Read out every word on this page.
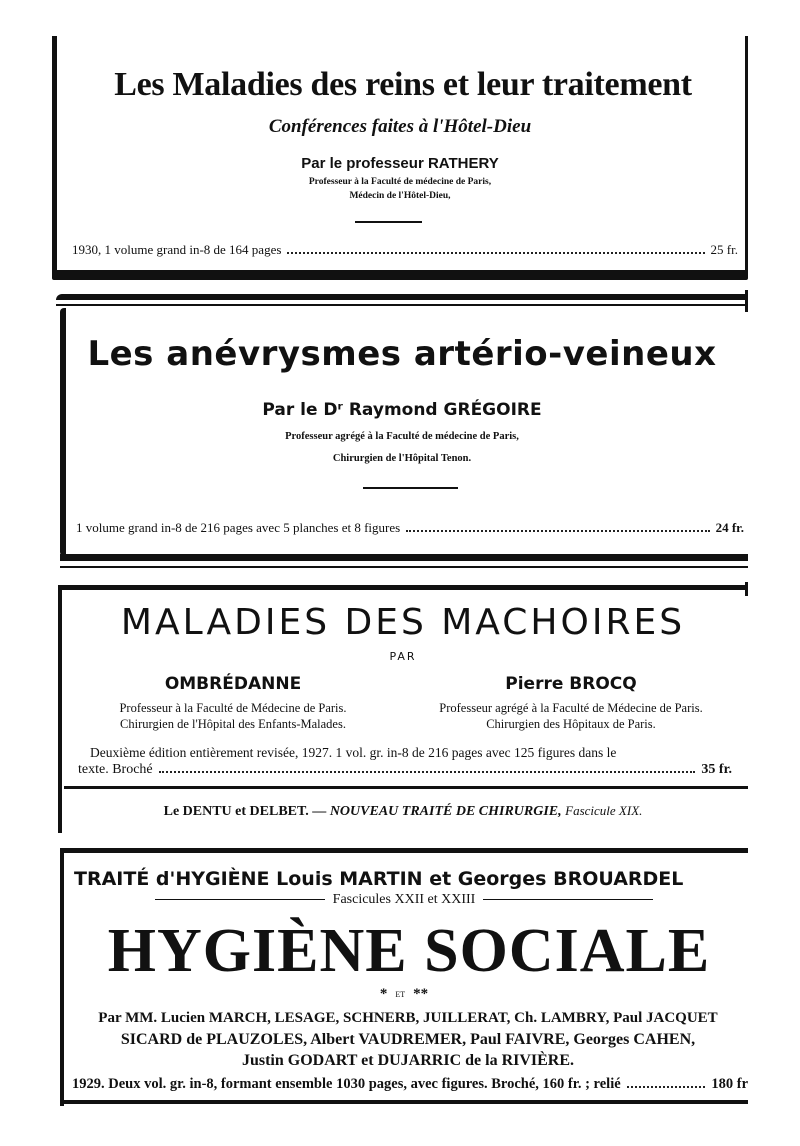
Les Maladies des reins et leur traitement
Conférences faites à l'Hôtel-Dieu
Par le professeur RATHERY
Professeur à la Faculté de médecine de Paris,
Médecin de l'Hôtel-Dieu,
1930, 1 volume grand in-8 de 164 pages	25 fr.
Les anévrysmes artério-veineux
Par le Dʳ Raymond GRÉGOIRE
Professeur agrégé à la Faculté de médecine de Paris,
Chirurgien de l'Hôpital Tenon.
1 volume grand in-8 de 216 pages avec 5 planches et 8 figures	24 fr.
MALADIES DES MACHOIRES
PAR
OMBRÉDANNE
Professeur à la Faculté de Médecine de Paris.
Chirurgien de l'Hôpital des Enfants-Malades.
Pierre BROCQ
Professeur agrégé à la Faculté de Médecine de Paris.
Chirurgien des Hôpitaux de Paris.
Deuxième édition entièrement revisée, 1927. 1 vol. gr. in-8 de 216 pages avec 125 figures dans le
texte. Broché	35 fr.
Le DENTU et DELBET. — NOUVEAU TRAITÉ DE CHIRURGIE, Fascicule XIX.
TRAITÉ d'HYGIÈNE Louis MARTIN et Georges BROUARDEL
Fascicules XXII et XXIII
HYGIÈNE SOCIALE
* ET **
Par MM. Lucien MARCH, LESAGE, SCHNERB, JUILLERAT, Ch. LAMBRY, Paul JACQUET
SICARD de PLAUZOLES, Albert VAUDREMER, Paul FAIVRE, Georges CAHEN,
Justin GODART et DUJARRIC de la RIVIÈRE.
1929. Deux vol. gr. in-8, formant ensemble 1030 pages, avec figures. Broché, 160 fr. ; relié	180 fr
